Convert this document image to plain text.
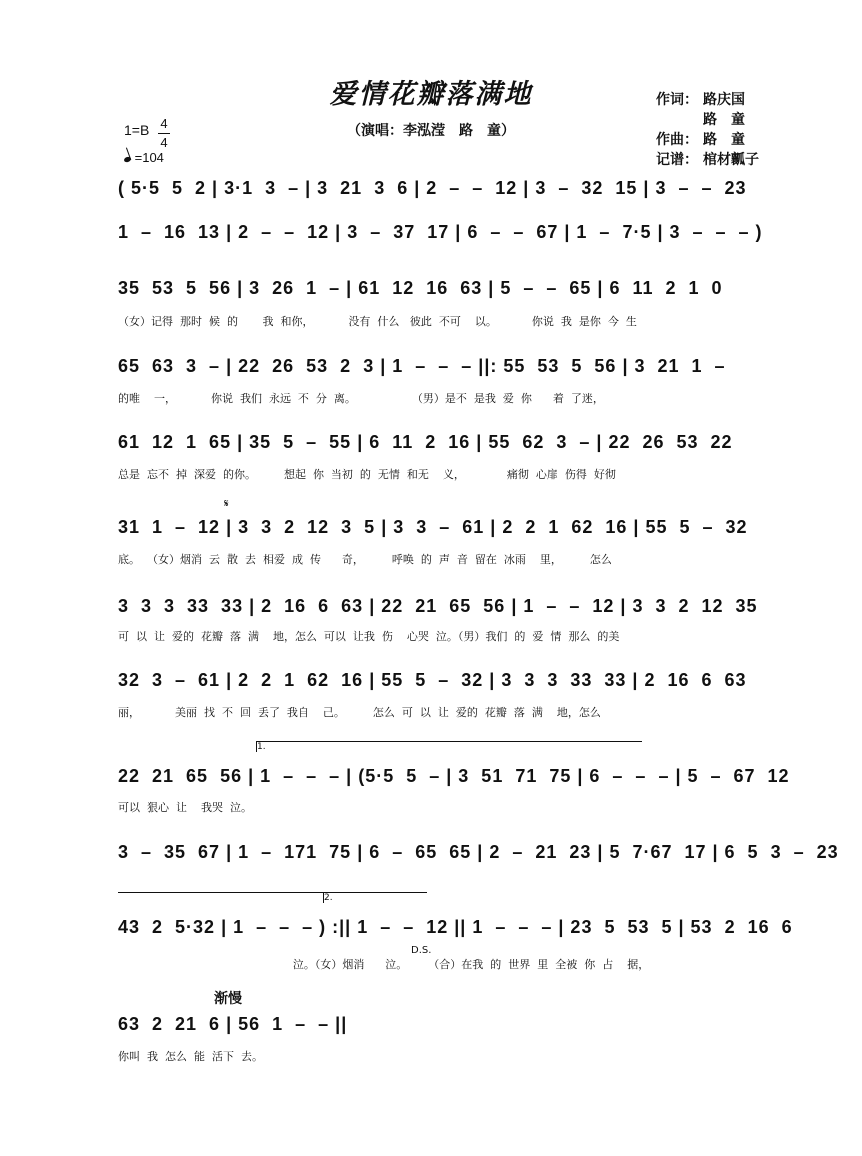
爱情花瓣落满地
（演唱：李泓滢　路　童）
作词： 路庆国
路　童
作曲： 路　童
记谱： 棺材瓤子
1=B 4
4
=104
( 5·5  5  2 | 3·1  3  – | 3  21  3  6 | 2  –  –  12 | 3  –  32  15 | 3  –  –  23
1  –  16  13 | 2  –  –  12 | 3  –  37  17 | 6  –  –  67 | 1  –  7·5 | 3  –  –  – )
35  53  5  56 | 3  26  1  – | 61  12  16  63 | 5  –  –  65 | 6  11  2  1  0
（女）记得  那时  候  的       我  和你，          没有  什么   彼此  不可    以。          你说  我  是你  今  生
65  63  3  – | 22  26  53  2  3 | 1  –  –  – ||: 55  53  5  56 | 3  21  1  –
的唯    一，          你说  我们  永远  不  分  离。                （男）是不  是我  爱  你      着  了迷，
61  12  1  65 | 35  5  –  55 | 6  11  2  16 | 55  62  3  – | 22  26  53  22
总是  忘不  掉  深爱  的你。        想起  你  当初  的  无情  和无    义，            痛彻  心扉  伤得  好彻
𝄋
31  1  –  12 | 3  3  2  12  3  5 | 3  3  –  61 | 2  2  1  62  16 | 55  5  –  32
底。  （女）烟消  云  散  去  相爱  成  传      奇，        呼唤  的  声  音  留在  冰雨    里，        怎么
3  3  3  33  33 | 2  16  6  63 | 22  21  65  56 | 1  –  –  12 | 3  3  2  12  35
可  以  让  爱的  花瓣  落  满    地，怎么  可以  让我  伤    心哭  泣。（男）我们  的  爱  情  那么  的美
32  3  –  61 | 2  2  1  62  16 | 55  5  –  32 | 3  3  3  33  33 | 2  16  6  63
丽，          美丽  找  不  回  丢了  我自    己。        怎么  可  以  让  爱的  花瓣  落  满    地，怎么
1.
22  21  65  56 | 1  –  –  – | (5·5  5  – | 3  51  71  75 | 6  –  –  – | 5  –  67  12
可以  狠心  让    我哭  泣。
3  –  35  67 | 1  –  171  75 | 6  –  65  65 | 2  –  21  23 | 5  7·67  17 | 6  5  3  –  23
2.
43  2  5·32 | 1  –  –  – ) :|| 1  –  –  12 || 1  –  –  – | 23  5  53  5 | 53  2  16  6
D.S.
泣。（女）烟消      泣。      （合）在我  的  世界  里  全被  你  占    据，
渐慢
63  2  21  6 | 56  1  –  – ||
你叫  我  怎么  能  活下  去。
